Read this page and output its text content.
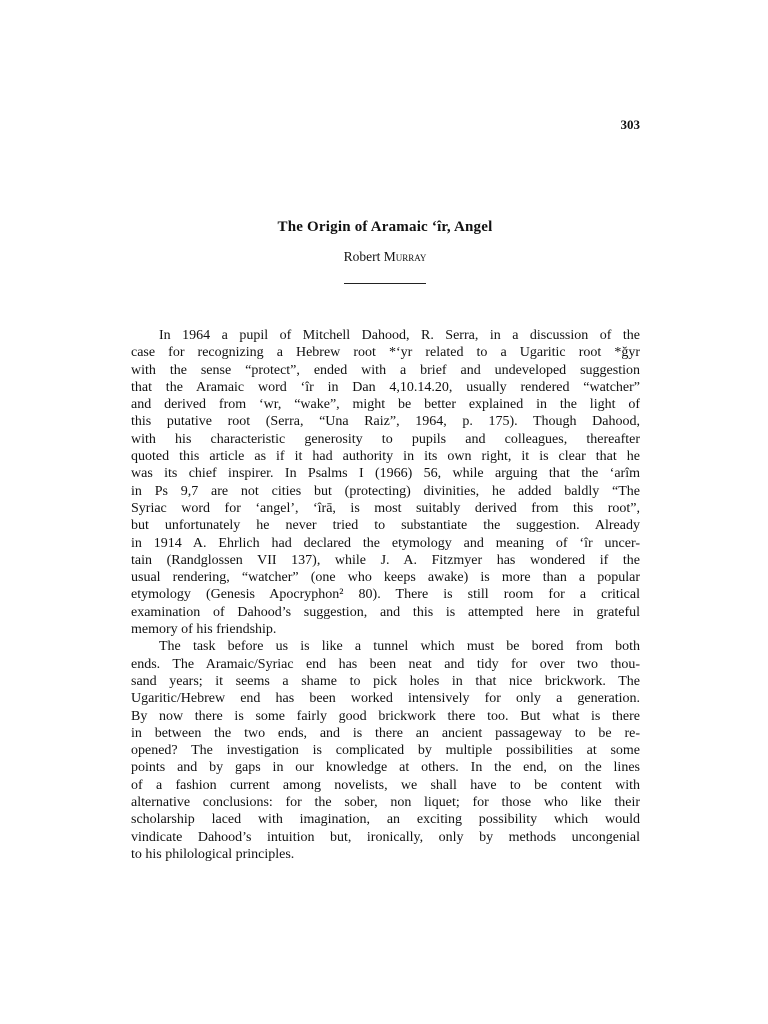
303
The Origin of Aramaic ‘îr, Angel
Robert Murray
In 1964 a pupil of Mitchell Dahood, R. Serra, in a discussion of the
case for recognizing a Hebrew root *‘yr related to a Ugaritic root *ğyr
with the sense “protect”, ended with a brief and undeveloped suggestion
that the Aramaic word ‘îr in Dan 4,10.14.20, usually rendered “watcher”
and derived from ‘wr, “wake”, might be better explained in the light of
this putative root (Serra, “Una Raiz”, 1964, p. 175). Though Dahood,
with his characteristic generosity to pupils and colleagues, thereafter
quoted this article as if it had authority in its own right, it is clear that he
was its chief inspirer. In Psalms I (1966) 56, while arguing that the ‘arîm
in Ps 9,7 are not cities but (protecting) divinities, he added baldly “The
Syriac word for ‘angel’, ‘îrā, is most suitably derived from this root”,
but unfortunately he never tried to substantiate the suggestion. Already
in 1914 A. Ehrlich had declared the etymology and meaning of ‘îr uncer-
tain (Randglossen VII 137), while J. A. Fitzmyer has wondered if the
usual rendering, “watcher” (one who keeps awake) is more than a popular
etymology (Genesis Apocryphon² 80). There is still room for a critical
examination of Dahood’s suggestion, and this is attempted here in grateful
memory of his friendship.
The task before us is like a tunnel which must be bored from both
ends. The Aramaic/Syriac end has been neat and tidy for over two thou-
sand years; it seems a shame to pick holes in that nice brickwork. The
Ugaritic/Hebrew end has been worked intensively for only a generation.
By now there is some fairly good brickwork there too. But what is there
in between the two ends, and is there an ancient passageway to be re-
opened? The investigation is complicated by multiple possibilities at some
points and by gaps in our knowledge at others. In the end, on the lines
of a fashion current among novelists, we shall have to be content with
alternative conclusions: for the sober, non liquet; for those who like their
scholarship laced with imagination, an exciting possibility which would
vindicate Dahood’s intuition but, ironically, only by methods uncongenial
to his philological principles.
